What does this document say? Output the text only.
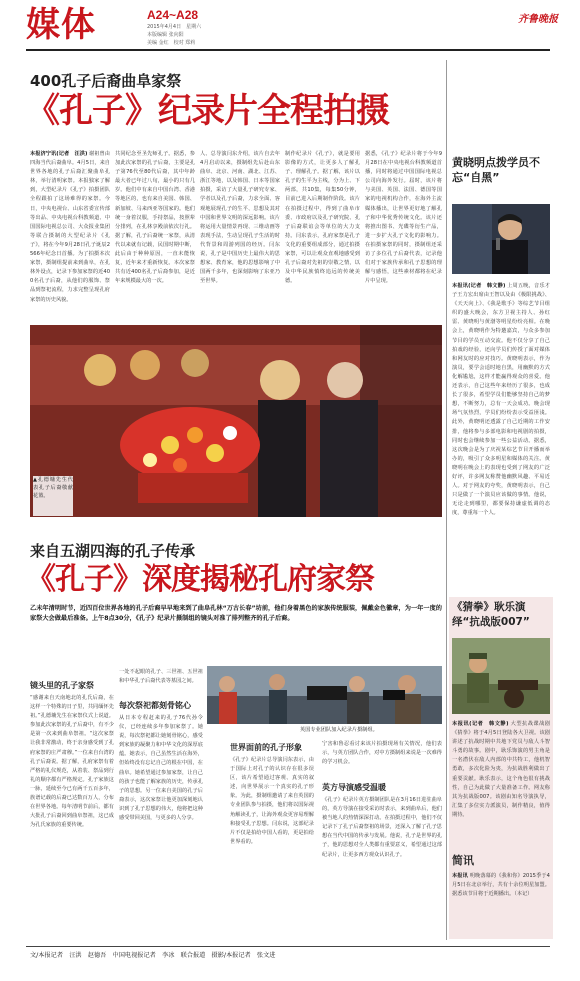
媒体	A24~A28
2015年4月4日　星期六
本版编辑 张向阳
美编 金红　校对 郑莉
齐鲁晚报
400孔子后裔曲阜家祭
《孔子》纪录片全程拍摄
本报济宁讯(记者　汪洪) 谢祖曾由四海当代后裔曲阜。4月5日，来自世界各地的孔子后裔汇聚曲阜孔林，举行清明家祭。本报独家了解到，大型纪录片《孔子》拍摄团队全程跟拍了这场难得的家祭。今日，中央电视台、山东省委宣传部等出品、中央电视台科教频道、中国国际电视总公司、大众报业集团等联合摄制的大型纪录片《孔子》，将在今年9月28日孔子诞辰2566年纪念日首播。为了拍摄本次家祭，摄制组提前来到曲阜，在孔林外设点，记录下参加家祭的近400名孔子后裔，从他们的服饰、祭品到祭祀流程，力求完整呈现孔府家祭的历史风貌。
共同纪念至圣先师孔子。据悉，参加此次家祭的孔子后裔，主要是孔子第76代至80代后裔，其中年龄最大者已年过八旬，最小的只有几岁。他们中有来自中国台湾、香港等地区的，也有来自美国、韩国、新加坡、马来西亚等国家的。他们统一身着汉服，手持祭品，按照辈分排列，在孔林享殿前依次行礼。据了解，孔子后裔统一家祭，从清代以来就有记载，民国时期中断，此后由于种种原因，一直未能恢复，近年来才重新恢复。本次家祭共有近400名孔子后裔参加，是近年来规模最大的一次。
人、总导演闫东介绍，该片自去年4月启动以来，摄制组先后赴山东曲阜、北京、河南、湖北、江苏、浙江等地，以及韩国、日本等国家拍摄，采访了大量孔子研究专家、学者以及孔子后裔，力求全面、客观地展现孔子的生平、思想及其对中国和世界文明的深远影响。该片将运用大量情景再现、三维动画等表现手法，生动呈现孔子生活的时代背景和周游列国的经历。闫东说，孔子是中国历史上最伟大的思想家、教育家，他的思想影响了中国两千多年，也深刻影响了东亚乃至世界。
制作纪录片《孔子》，就是要用影像的方式，让更多人了解孔子、理解孔子。据了解，该片以孔子的生平为主线，分为上、下两部，共10集，每集50分钟，目前已进入后期制作阶段。该片在拍摄过程中，得到了曲阜市委、市政府以及孔子研究院、孔子后裔联谊会等单位的大力支持。闫东表示，孔府家祭是孔子文化的重要组成部分，通过拍摄家祭，可以让观众直观地感受到孔子后裔对先祖的崇敬之情，以及中华民族慎终追远的传统美德。
据悉，《孔子》纪录片将于今年9月28日在中央电视台科教频道首播，同时将通过中国国际电视总公司向海外发行。届时，该片将与美国、英国、法国、德国等国家的电视机构合作，在海外主流媒体播出，让世界更好地了解孔子和中华优秀传统文化。该片还将推出图书、光碟等衍生产品，进一步扩大孔子文化的影响力。在拍摄家祭的同时，摄制组还采访了多位孔子后裔代表，记录他们对于家族传承和孔子思想的理解与感悟，这些素材都将在纪录片中呈现。
▲孔德墉先生代表孔子后裔敬献花篮。
黄晓明点拨学员不忘“自黑”
本报讯(记者　韩文静) 上周五晚，音乐才子王力宏出席由王智以及由《极限挑战》、《天天向上》、《我是歌手》等综艺节目组织的盛大晚会，东方卫视主持人、孙红雷、黄晓明与黄渤等明星纷纷亮相。在晚会上，黄晓明作为特邀嘉宾，与众多参加节目的学员互动交流。他不仅分享了自己拍戏的经验，还向学员们传授了面对媒体和网友时的应对技巧。黄晓明表示，作为演员，要学会适时地自黑，用幽默的方式化解尴尬，这样才能赢得观众的喜爱。他还表示，自己这些年来经历了很多，也成长了很多，希望学员们能够坚持自己的梦想，不断努力，总有一天会成功。晚会现场气氛热烈，学员们纷纷表示受益匪浅。此外，黄晓明还透露了自己近期的工作安排，他将参与多部电影和电视剧的拍摄，同时也会继续参加一些公益活动。据悉，这次晚会是为了庆祝某综艺节目开播而举办的，吸引了众多明星和媒体的关注。黄晓明在晚会上的表现也受到了网友的广泛好评，许多网友称赞他幽默风趣、平易近人。对于网友的夸奖，黄晓明表示，自己只是做了一个演员应该做的事情。他说，无论走到哪里，都要保持谦虚低调的态度，尊重每一个人。
《猜拳》耿乐演绎“抗战版007”
本报讯(记者　韩文静) 大型抗战谍战剧《猜拳》将于4月5日登陆各大卫视。该剧讲述了抗战时期中共地下党员与敌人斗智斗勇的故事。剧中，耿乐饰演的男主角是一名潜伏在敌人内部的中共特工，他机智勇敢，多次化险为夷，为抗战胜利做出了重要贡献。耿乐表示，这个角色很有挑战性，自己为此做了大量准备工作。网友称其为抗战版007。该剧由知名导演执导，汇集了多位实力派演员，制作精良，值得期待。
简讯
本报讯 明晚落幕的《我和你》2015季于4月5日在北京举行，共有十余位明星加盟。据悉该节目将于近期播出。（本记）
来自五湖四海的孔子传承
《孔子》深度揭秘孔府家祭
乙未年清明时节，近四百位世界各地的孔子后裔早早地来到了曲阜孔林“万古长春”坊前，他们身着黑色的家族传统服装，佩戴金色徽章，为一年一度的家祭大会做最后准备。上午8点30分，《孔子》纪录片摄制组的镜头对准了排列整齐的孔子后裔。
镜头里的孔子家祭
“感谢来自天南地北的孔氏后裔，在这样一个特殊的日子里，共同缅怀先祖。”孔德墉先生在家祭仪式上说道。参加此次家祭的孔子后裔中，有不少是第一次来到曲阜祭祖。“这次家祭让我非常激动，终于亲身感受到了孔府家祭的庄严肃穆。”一位来自台湾的孔子后裔说。据了解，孔府家祭有着严格的礼仪规范，从着装、祭品到行礼的顺序都有严格规定。孔子家族这一脉，延续至今已有两千五百多年，族谱记载的后裔已达数百万人，分布在世界各地。每年清明节前后，都有大批孔子后裔回到曲阜祭祖，这已成为孔氏家族的重要传统。
一处不起眼的孔子、三世祖、五世祖和中华孔子后裔代表等墓园之间。
每次祭祀都刻骨铭心
从日本专程赶来的孔子76代孙令仪，已经连续多年参加家祭了。她说，每次祭祀都让她刻骨铭心，感受到家族的凝聚力和中华文化的深厚底蕴。她表示，自己虽然生活在海外，但始终没有忘记自己的根在中国，在曲阜。她希望通过参加家祭，让自己的孩子也能了解家族的历史，传承孔子的思想。另一位来自美国的孔子后裔表示，这次家祭让他更加深刻地认识到了孔子思想的伟大，他将把这种感受带回美国，与更多的人分享。
英国专业团队加入纪录片摄制组。
世界面前的孔子形象
《孔子》纪录片总导演闫东表示，由于国际上对孔子的认识存在很多误区，该片希望通过客观、真实的叙述，向世界展示一个真实的孔子形象。为此，摄制组邀请了来自英国的专业团队参与拍摄，他们将以国际视角解读孔子，让海外观众更容易理解和接受孔子思想。闫东说，这部纪录片不仅是拍给中国人看的，更是拍给世界看的。
宁害和鲁忍看讨来该片拍摄现场有关情况，他们表示，与英方团队合作，对中方摄制组来说是一次难得的学习机会。
英方导演感受温暖
《孔子》纪录片英方摄制团队是在3月16日进驻曲阜的，英方导演在接受采访时表示，来到曲阜后，他们被当地人的热情深深打动。在拍摄过程中，他们不仅记录下了孔子后裔祭祖的场景，还深入了解了孔子思想在当代中国的传承与发展。他说，孔子是世界的孔子，他的思想对全人类都有重要意义，希望通过这部纪录片，让更多西方观众认识孔子。
文/本报记者　汪洪　赵德吾　中国电视报记者　李冰　联合报道　摄影/本报记者　张文进
